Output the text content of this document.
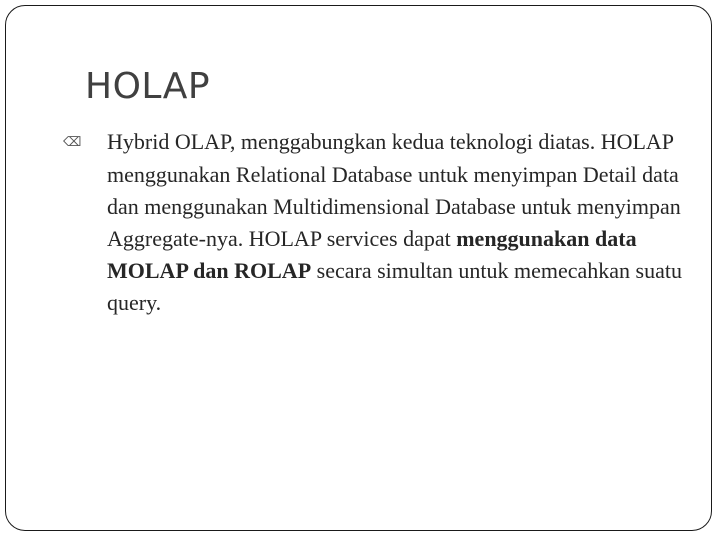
HOLAP

⌫ Hybrid OLAP, menggabungkan kedua teknologi diatas. HOLAP menggunakan Relational Database untuk menyimpan Detail data dan menggunakan Multidimensional Database untuk menyimpan Aggregate-nya. HOLAP services dapat menggunakan data MOLAP dan ROLAP secara simultan untuk memecahkan suatu query.
